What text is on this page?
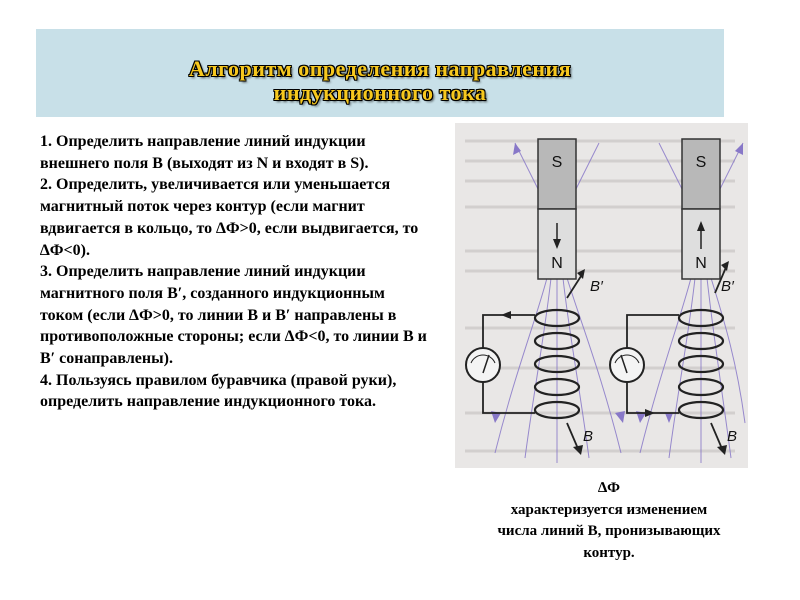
Алгоритм определения направления
индукционного тока

1. Определить направление линий индукции внешнего поля В (выходят из N и входят в S).

2. Определить, увеличивается или уменьшается магнитный поток через контур (если магнит вдвигается в кольцо, то ∆Ф>0, если выдвигается, то ∆Ф<0).

3. Определить направление линий индукции магнитного поля В′, созданного индукционным током (если ∆Ф>0, то линии В и В′ направлены в противоположные стороны; если ∆Ф<0, то линии В и В′ сонаправлены).

4. Пользуясь правилом буравчика (правой руки), определить направление индукционного тока.

S
N
B′
B
S
N
B′
B
∆Ф
характеризуется изменением
числа линий В, пронизывающих
контур.
